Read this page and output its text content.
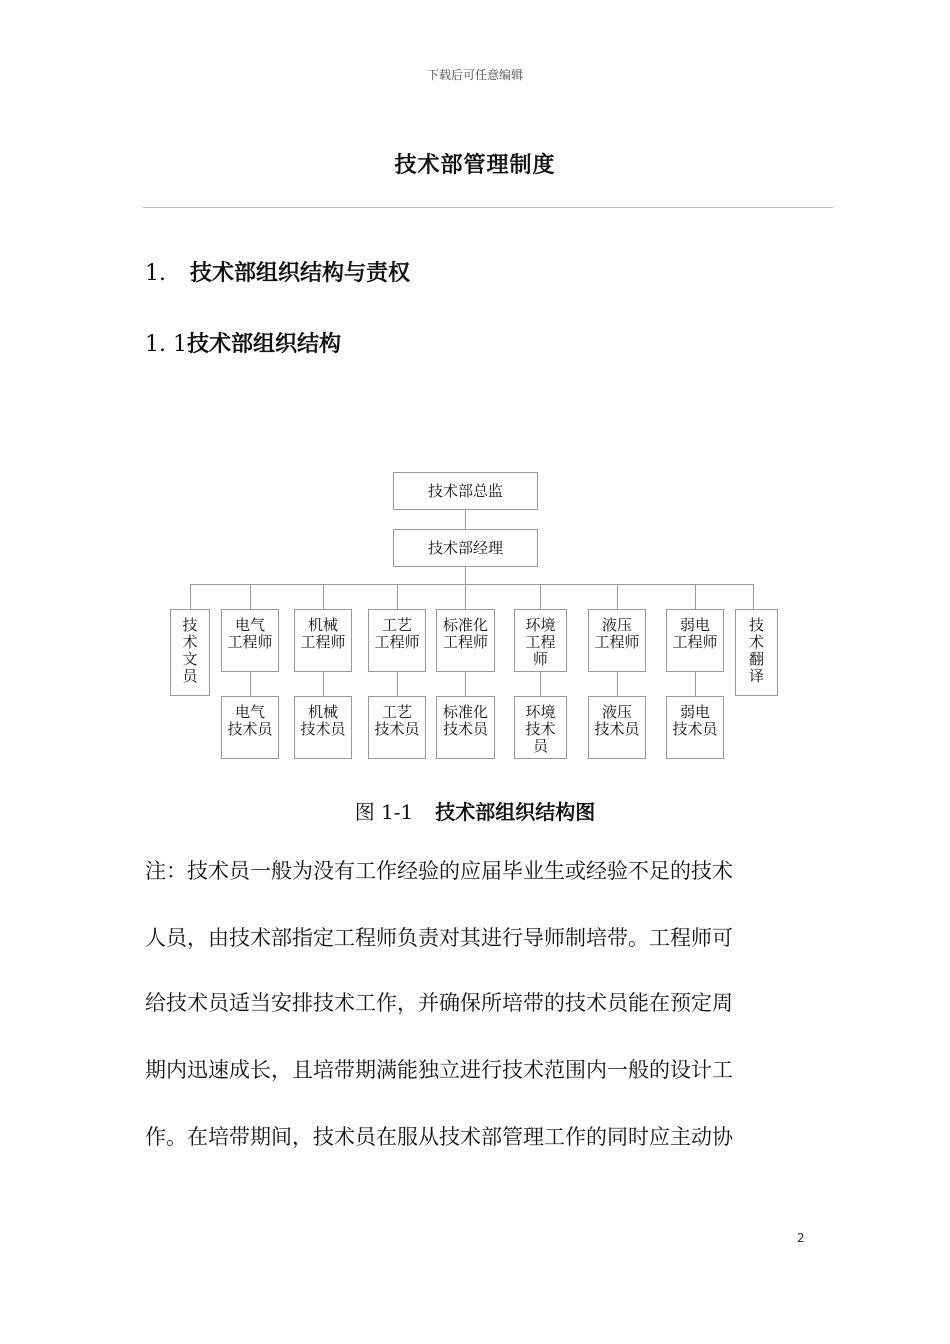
下载后可任意编辑
技术部管理制度
1. 技术部组织结构与责权
1. 1技术部组织结构
技术部总监
技术部经理
技
术
文
员
电气
工程师
机械
工程师
工艺
工程师
标准化
工程师
环境
工程
师
液压
工程师
弱电
工程师
技
术
翻
译
电气
技术员
机械
技术员
工艺
技术员
标准化
技术员
环境
技术
员
液压
技术员
弱电
技术员
图 1-1 技术部组织结构图
注：技术员一般为没有工作经验的应届毕业生或经验不足的技术
人员，由技术部指定工程师负责对其进行导师制培带。工程师可
给技术员适当安排技术工作，并确保所培带的技术员能在预定周
期内迅速成长，且培带期满能独立进行技术范围内一般的设计工
作。在培带期间，技术员在服从技术部管理工作的同时应主动协
2
